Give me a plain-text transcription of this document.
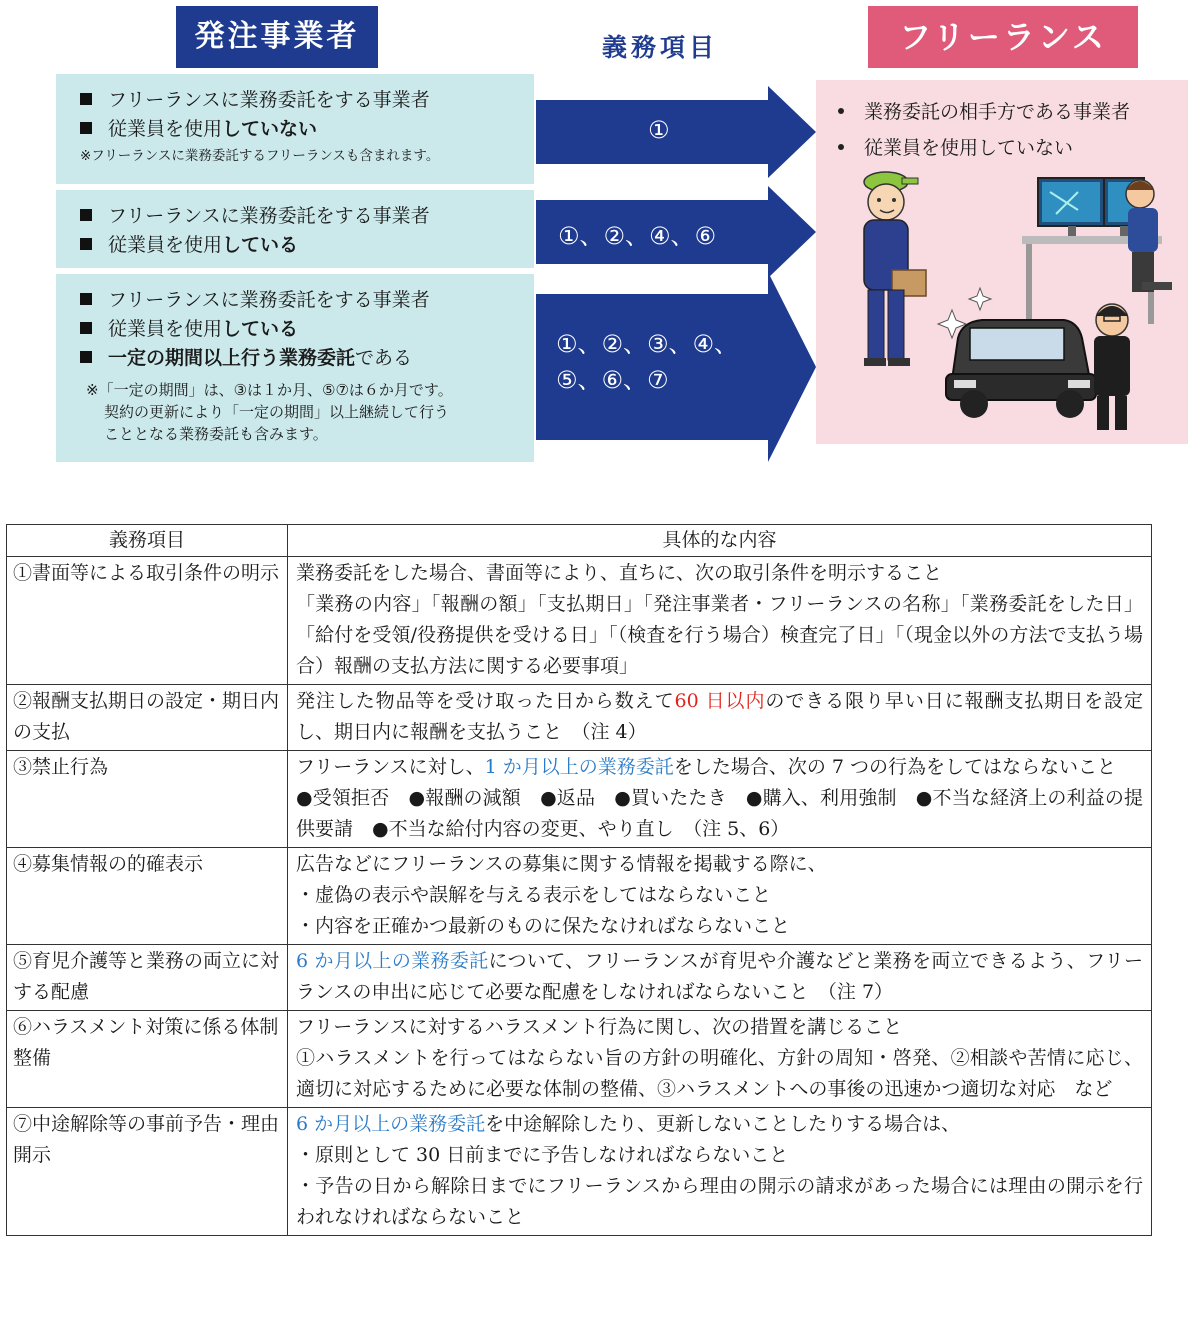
発注事業者	義務項目	フリーランス
フリーランスに業務委託をする事業者
従業員を使用していない
※フリーランスに業務委託するフリーランスも含まれます。
フリーランスに業務委託をする事業者
従業員を使用している
フリーランスに業務委託をする事業者
従業員を使用している
一定の期間以上行う業務委託である
※「一定の期間」は、③は１か月、⑤⑦は６か月です。
契約の更新により「一定の期間」以上継続して行う
こととなる業務委託も含みます。
①
①、②、④、⑥
①、②、③、④、
⑤、⑥、⑦
業務委託の相手方である事業者
従業員を使用していない
義務項目	具体的な内容
①書面等による取引条件の明示	業務委託をした場合、書面等により、直ちに、次の取引条件を明示すること
「業務の内容」「報酬の額」「支払期日」「発注事業者・フリーランスの名称」「業務委託をした日」「給付を受領/役務提供を受ける日」「（検査を行う場合）検査完了日」「（現金以外の方法で支払う場合）報酬の支払方法に関する必要事項」

②報酬支払期日の設定・期日内の支払	発注した物品等を受け取った日から数えて60 日以内のできる限り早い日に報酬支払期日を設定し、期日内に報酬を支払うこと　（注 4）
③禁止行為	フリーランスに対し、1 か月以上の業務委託をした場合、次の 7 つの行為をしてはならないこと
●受領拒否　●報酬の減額　●返品　●買いたたき　●購入、利用強制　●不当な経済上の利益の提供要請　●不当な給付内容の変更、やり直し　（注 5、6）

④募集情報の的確表示	広告などにフリーランスの募集に関する情報を掲載する際に、
・虚偽の表示や誤解を与える表示をしてはならないこと
・内容を正確かつ最新のものに保たなければならないこと

⑤育児介護等と業務の両立に対する配慮	6 か月以上の業務委託について、フリーランスが育児や介護などと業務を両立できるよう、フリーランスの申出に応じて必要な配慮をしなければならないこと　（注 7）
⑥ハラスメント対策に係る体制整備	フリーランスに対するハラスメント行為に関し、次の措置を講じること
①ハラスメントを行ってはならない旨の方針の明確化、方針の周知・啓発、②相談や苦情に応じ、適切に対応するために必要な体制の整備、③ハラスメントへの事後の迅速かつ適切な対応　など

⑦中途解除等の事前予告・理由開示	6 か月以上の業務委託を中途解除したり、更新しないことしたりする場合は、
・原則として 30 日前までに予告しなければならないこと
・予告の日から解除日までにフリーランスから理由の開示の請求があった場合には理由の開示を行われなければならないこと
